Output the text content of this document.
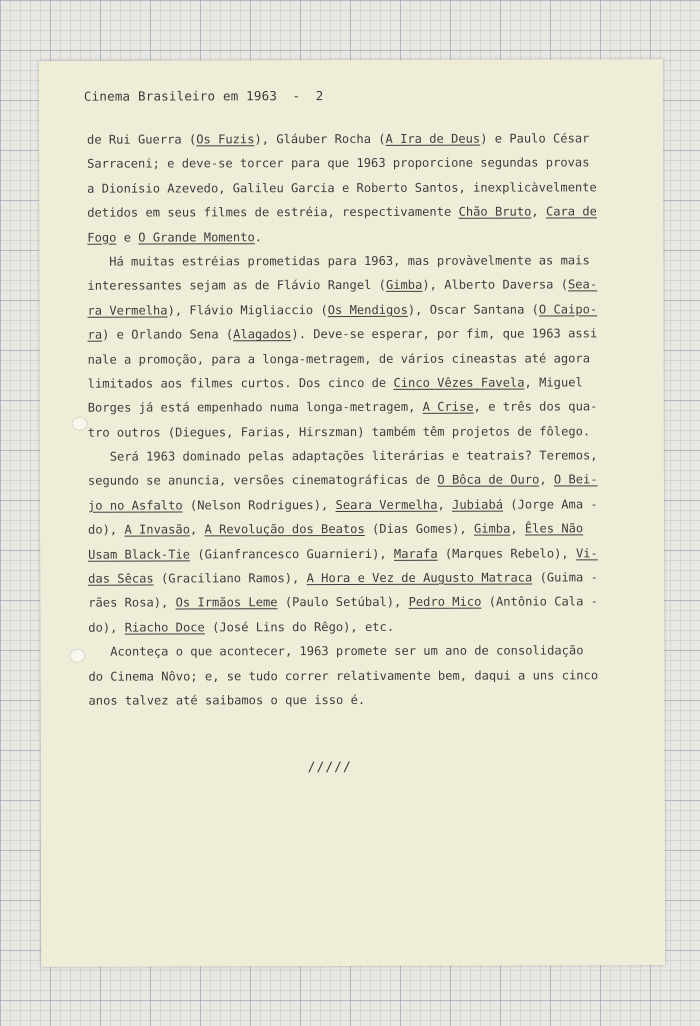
Cinema Brasileiro em 1963  -  2
de Rui Guerra (Os Fuzis), Gláuber Rocha (A Ira de Deus) e Paulo César
Sarraceni; e deve-se torcer para que 1963 proporcione segundas provas
a Dionísio Azevedo, Galileu Garcia e Roberto Santos, inexplicàvelmente
detidos em seus filmes de estréia, respectivamente Chão Bruto, Cara de
Fogo e O Grande Momento.
Há muitas estréias prometidas para 1963, mas provàvelmente as mais
interessantes sejam as de Flávio Rangel (Gimba), Alberto Daversa (Sea-
ra Vermelha), Flávio Migliaccio (Os Mendigos), Oscar Santana (O Caipo-
ra) e Orlando Sena (Alagados). Deve-se esperar, por fim, que 1963 assi
nale a promoção, para a longa-metragem, de vários cineastas até agora
limitados aos filmes curtos. Dos cinco de Cinco Vêzes Favela, Miguel
Borges já está empenhado numa longa-metragem, A Crise, e três dos qua-
tro outros (Diegues, Farias, Hirszman) também têm projetos de fôlego.
Será 1963 dominado pelas adaptações literárias e teatrais? Teremos,
segundo se anuncia, versões cinematográficas de O Bôca de Ouro, O Bei-
jo no Asfalto (Nelson Rodrigues), Seara Vermelha, Jubiabá (Jorge Ama -
do), A Invasão, A Revolução dos Beatos (Dias Gomes), Gimba, Êles Não
Usam Black-Tie (Gianfrancesco Guarnieri), Marafa (Marques Rebelo), Vi-
das Sêcas (Graciliano Ramos), A Hora e Vez de Augusto Matraca (Guima -
rães Rosa), Os Irmãos Leme (Paulo Setúbal), Pedro Mico (Antônio Cala -
do), Riacho Doce (José Lins do Rêgo), etc.
Aconteça o que acontecer, 1963 promete ser um ano de consolidação
do Cinema Nôvo; e, se tudo correr relativamente bem, daqui a uns cinco
anos talvez até saibamos o que isso é.
/////
